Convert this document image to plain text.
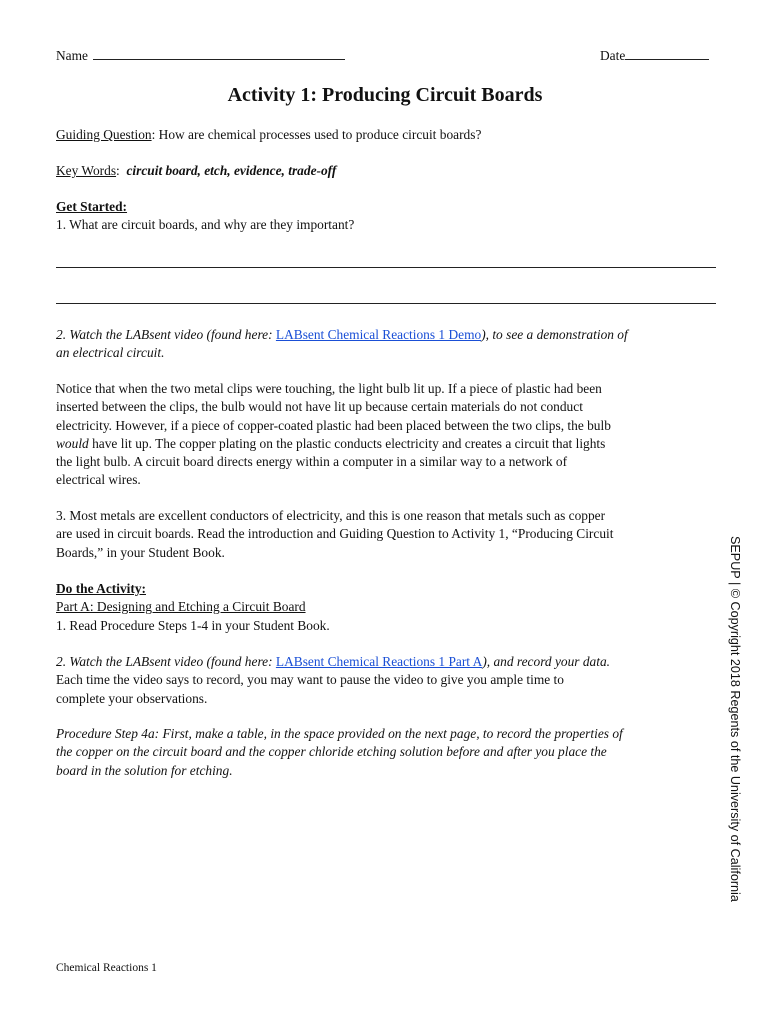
Name	Date
Activity 1: Producing Circuit Boards
Guiding Question: How are chemical processes used to produce circuit boards?
Key Words: circuit board, etch, evidence, trade-off
Get Started:
1. What are circuit boards, and why are they important?
2. Watch the LABsent video (found here: LABsent Chemical Reactions 1 Demo), to see a demonstration of
an electrical circuit.
Notice that when the two metal clips were touching, the light bulb lit up. If a piece of plastic had been
inserted between the clips, the bulb would not have lit up because certain materials do not conduct
electricity. However, if a piece of copper-coated plastic had been placed between the two clips, the bulb
would have lit up. The copper plating on the plastic conducts electricity and creates a circuit that lights
the light bulb. A circuit board directs energy within a computer in a similar way to a network of
electrical wires.
3. Most metals are excellent conductors of electricity, and this is one reason that metals such as copper
are used in circuit boards. Read the introduction and Guiding Question to Activity 1, “Producing Circuit
Boards,” in your Student Book.
Do the Activity:
Part A: Designing and Etching a Circuit Board
1. Read Procedure Steps 1-4 in your Student Book.
2. Watch the LABsent video (found here: LABsent Chemical Reactions 1 Part A), and record your data.
Each time the video says to record, you may want to pause the video to give you ample time to
complete your observations.
Procedure Step 4a: First, make a table, in the space provided on the next page, to record the properties of
the copper on the circuit board and the copper chloride etching solution before and after you place the
board in the solution for etching.	SEPUP | © Copyright 2018 Regents of the University of California
Chemical Reactions 1
